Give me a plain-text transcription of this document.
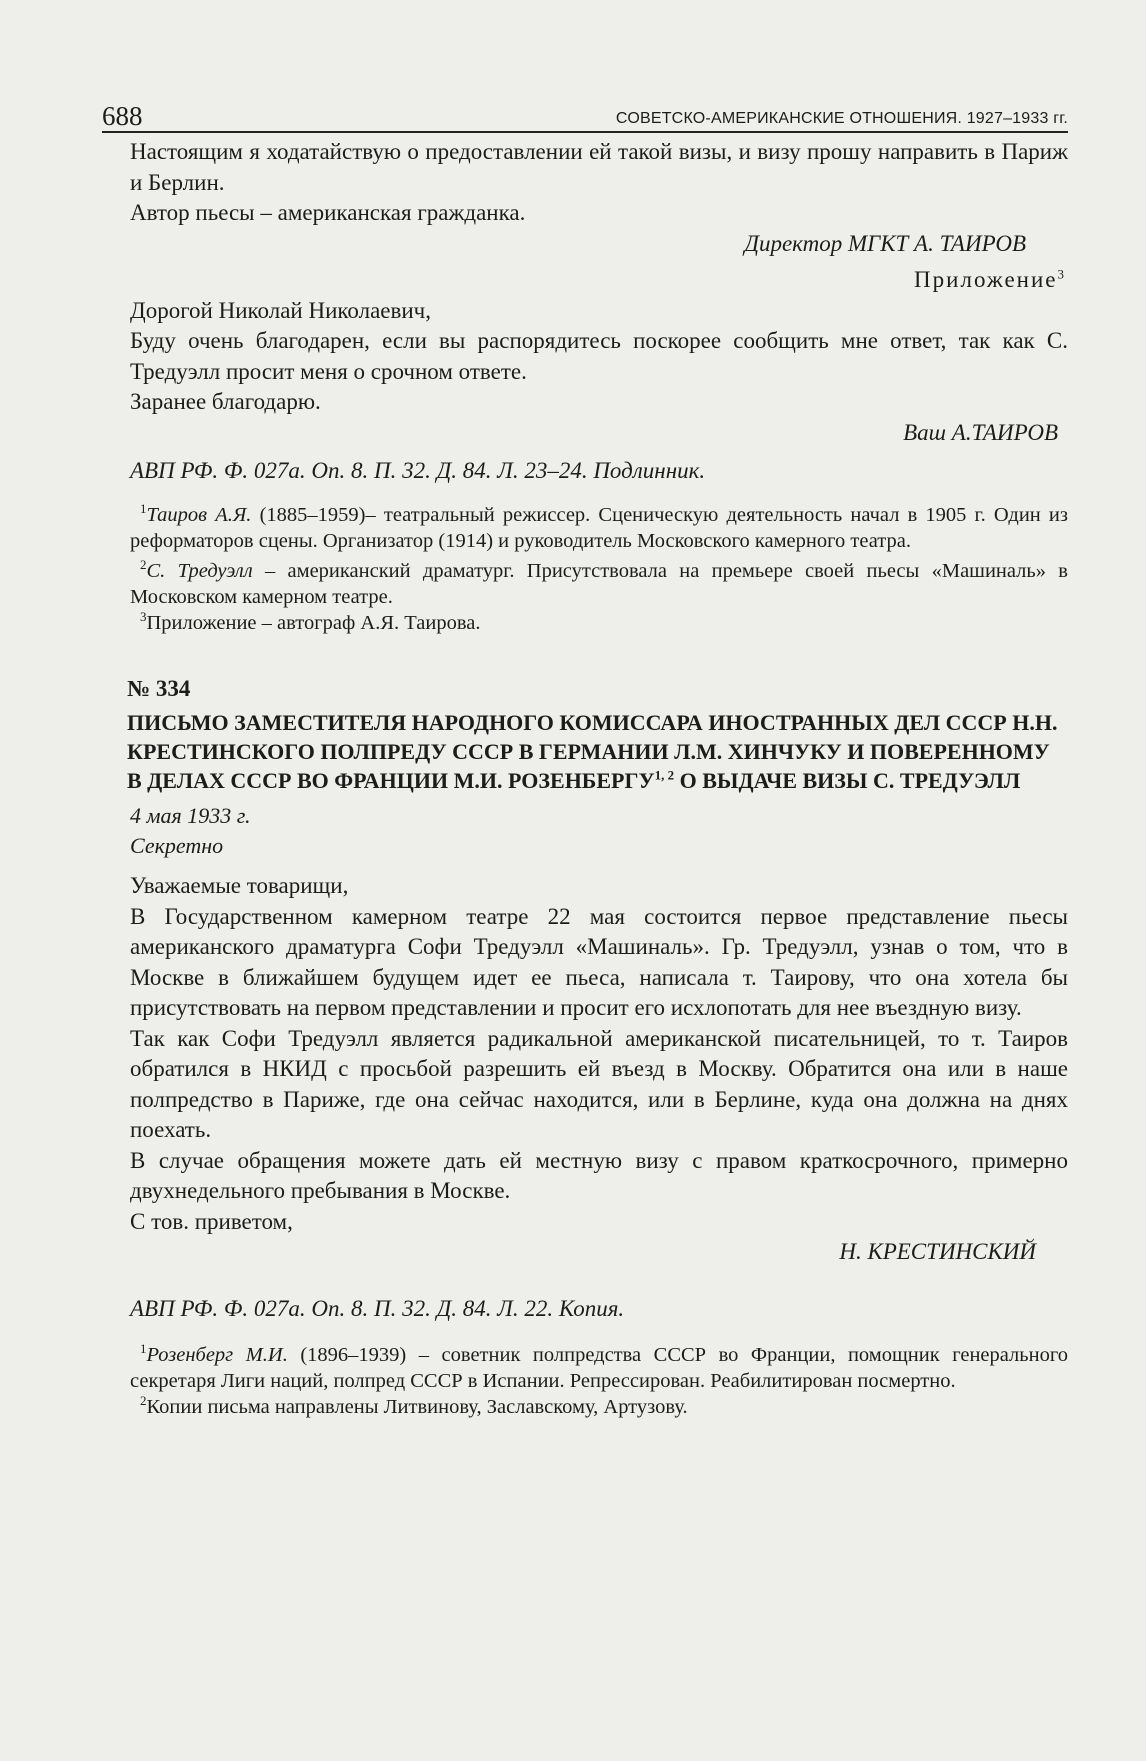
688	СОВЕТСКО-АМЕРИКАНСКИЕ ОТНОШЕНИЯ. 1927–1933 гг.

Настоящим я ходатайствую о предоставлении ей такой визы, и визу прошу направить в Париж и Берлин.

Автор пьесы – американская гражданка.

Директор МГКТ А. ТАИРОВ

Приложение$^3$

Дорогой Николай Николаевич,

Буду очень благодарен, если вы распорядитесь поскорее сообщить мне ответ, так как С. Тредуэлл просит меня о срочном ответе.

Заранее благодарю.

Ваш А.ТАИРОВ

АВП РФ. Ф. 027а. Оп. 8. П. 32. Д. 84. Л. 23–24. Подлинник.

$^1$Таиров А.Я. (1885–1959)– театральный режиссер. Сценическую деятельность начал в 1905 г. Один из реформаторов сцены. Организатор (1914) и руководитель Московского камерного театра.

$^2$С. Тредуэлл – американский драматург. Присутствовала на премьере своей пьесы «Машиналь» в Московском камерном театре.

$^3$Приложение – автограф А.Я. Таирова.

№ 334

ПИСЬМО ЗАМЕСТИТЕЛЯ НАРОДНОГО КОМИССАРА ИНОСТРАННЫХ ДЕЛ СССР Н.Н. КРЕСТИНСКОГО ПОЛПРЕДУ СССР В ГЕРМАНИИ Л.М. ХИНЧУКУ И ПОВЕРЕННОМУ В ДЕЛАХ СССР ВО ФРАНЦИИ М.И. РОЗЕНБЕРГУ$^{1, 2}$ О ВЫДАЧЕ ВИЗЫ С. ТРЕДУЭЛЛ

4 мая 1933 г.

Секретно

Уважаемые товарищи,

В Государственном камерном театре 22 мая состоится первое представление пьесы американского драматурга Софи Тредуэлл «Машиналь». Гр. Тредуэлл, узнав о том, что в Москве в ближайшем будущем идет ее пьеса, написала т. Таирову, что она хотела бы присутствовать на первом представлении и просит его исхлопотать для нее въездную визу.

Так как Софи Тредуэлл является радикальной американской писательницей, то т. Таиров обратился в НКИД с просьбой разрешить ей въезд в Москву. Обратится она или в наше полпредство в Париже, где она сейчас находится, или в Берлине, куда она должна на днях поехать.

В случае обращения можете дать ей местную визу с правом краткосрочного, примерно двухнедельного пребывания в Москве.

С тов. приветом,

Н. КРЕСТИНСКИЙ

АВП РФ. Ф. 027а. Оп. 8. П. 32. Д. 84. Л. 22. Копия.

$^1$Розенберг М.И. (1896–1939) – советник полпредства СССР во Франции, помощник генерального секретаря Лиги наций, полпред СССР в Испании. Репрессирован. Реабилитирован посмертно.

$^2$Копии письма направлены Литвинову, Заславскому, Артузову.
